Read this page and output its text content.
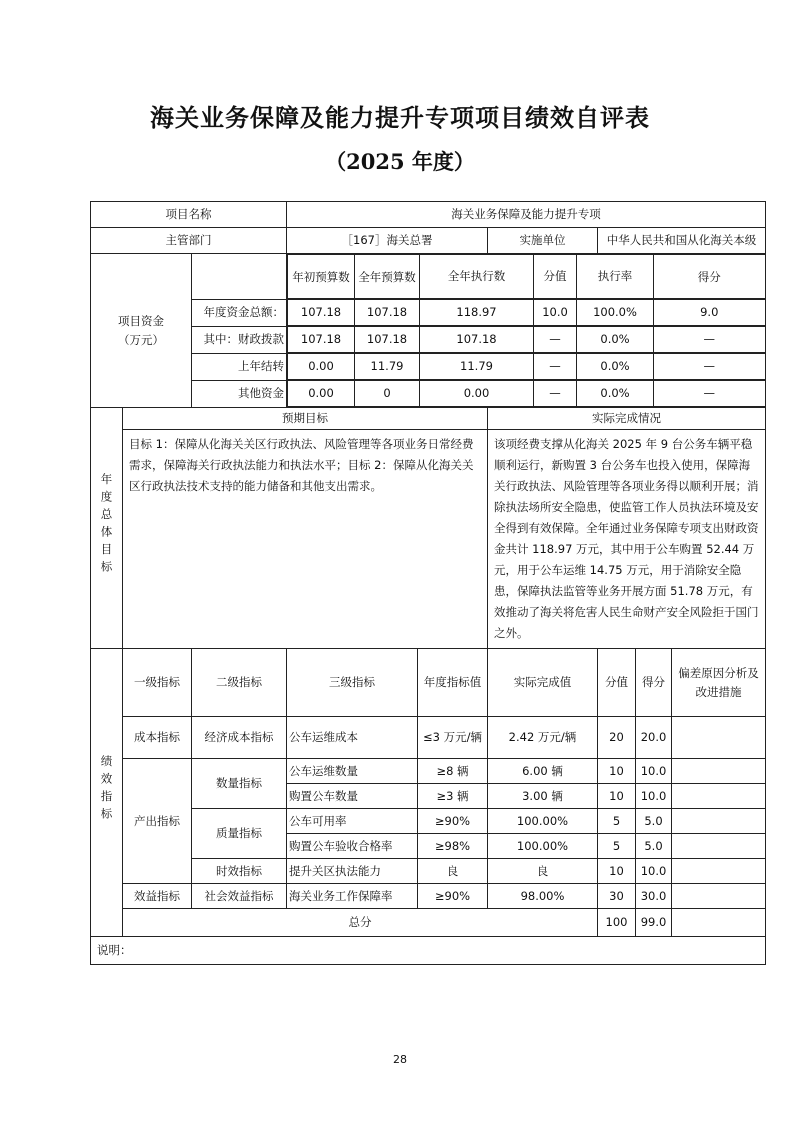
海关业务保障及能力提升专项项目绩效自评表
（2025 年度）
项目名称	海关业务保障及能力提升专项
主管部门	［167］海关总署	实施单位	中华人民共和国从化海关本级
项目资金
（万元）		
年初预算数	全年预算数	全年执行数	分值	执行率	得分

年度资金总额：	107.18	107.18	118.97	10.0	100.0%	9.0

其中：财政拨款	107.18	107.18	107.18	—	0.0%	—

上年结转	0.00	11.79	11.79	—	0.0%	—

其他资金	0.00	0	0.00	—	0.0%	—

年度总体目标	预期目标	实际完成情况
目标 1：保障从化海关关区行政执法、风险管理等各项业务日常经费需求，保障海关行政执法能力和执法水平；目标 2：保障从化海关关区行政执法技术支持的能力储备和其他支出需求。	该项经费支撑从化海关 2025 年 9 台公务车辆平稳顺利运行，新购置 3 台公务车也投入使用，保障海关行政执法、风险管理等各项业务得以顺利开展；消除执法场所安全隐患，使监管工作人员执法环境及安全得到有效保障。全年通过业务保障专项支出财政资金共计 118.97 万元，其中用于公车购置 52.44 万元，用于公车运维 14.75 万元，用于消除安全隐患，保障执法监管等业务开展方面 51.78 万元，有效推动了海关将危害人民生命财产安全风险拒于国门之外。
绩效指标	一级指标	二级指标	三级指标	年度指标值	实际完成值	分值	得分	偏差原因分析及
改进措施
成本指标	经济成本指标	公车运维成本	≤3 万元/辆	2.42 万元/辆	20	20.0	
产出指标	数量指标	公车运维数量	≥8 辆	6.00 辆	10	10.0	
购置公车数量	≥3 辆	3.00 辆	10	10.0	
质量指标	公车可用率	≥90%	100.00%	5	5.0	
购置公车验收合格率	≥98%	100.00%	5	5.0	
时效指标	提升关区执法能力	良	良	10	10.0	
效益指标	社会效益指标	海关业务工作保障率	≥90%	98.00%	30	30.0	
总分	100	99.0	
说明：
28
